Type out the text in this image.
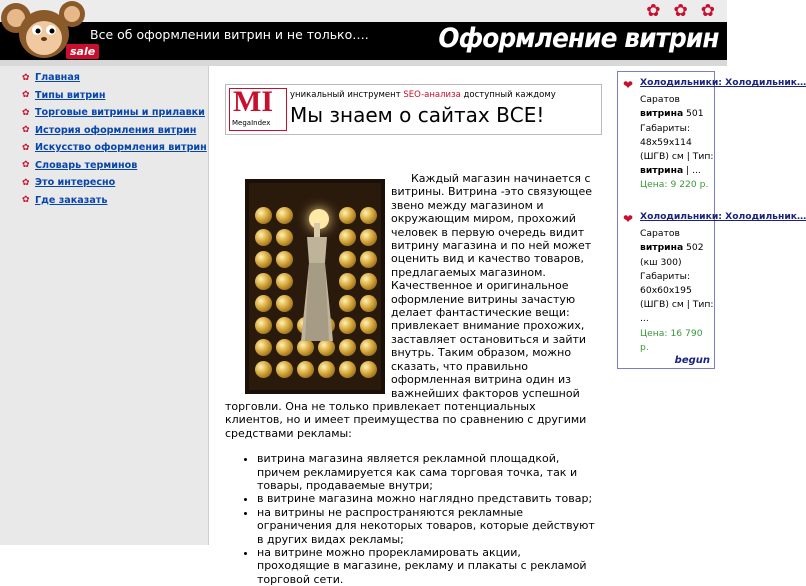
✿ ✿ ✿
Все об оформлении витрин и не только….	Оформление витрин
sale
✿ Главная
✿ Типы витрин
✿ Торговые витрины и прилавки
✿ История оформления витрин
✿ Искусство оформления витрин
✿ Словарь терминов
✿ Это интересно
✿ Где заказать
MI
MegaIndex
уникальный инструмент SEO-анализа доступный каждому
Мы знаем о сайтах ВСЕ!

Каждый магазин начинается с витрины. Витрина -это связующее звено между магазином и окружающим миром, прохожий человек в первую очередь видит витрину магазина и по ней может оценить вид и качество товаров, предлагаемых магазином. Качественное и оригинальное оформление витрины зачастую делает фантастические вещи: привлекает внимание прохожих, заставляет остановиться и зайти внутрь. Таким образом, можно сказать, что правильно оформленная витрина один из важнейших факторов успешной торговли. Она не только привлекает потенциальных клиентов, но и имеет преимущества по сравнению с другими средствами рекламы:

• витрина магазина является рекламной площадкой, причем рекламируется как сама торговая точка, так и товары, продаваемые внутри;
• в витрине магазина можно наглядно представить товар;
• на витрины не распространяются рекламные ограничения для некоторых товаров, которые действуют в других видах рекламы;
• на витрине можно прорекламировать акции, проходящие в магазине, рекламу и плакаты с рекламой торговой сети.
❤ Холодильники: Холодильник…
Саратов
витрина 501
Габариты:
48x59x114
(ШГВ) см | Тип:
витрина | ...
Цена: 9 220 р.
❤ Холодильники: Холодильник…
Саратов
витрина 502
(кш 300)
Габариты:
60x60x195
(ШГВ) см | Тип:
...
Цена: 16 790 р.
begun
